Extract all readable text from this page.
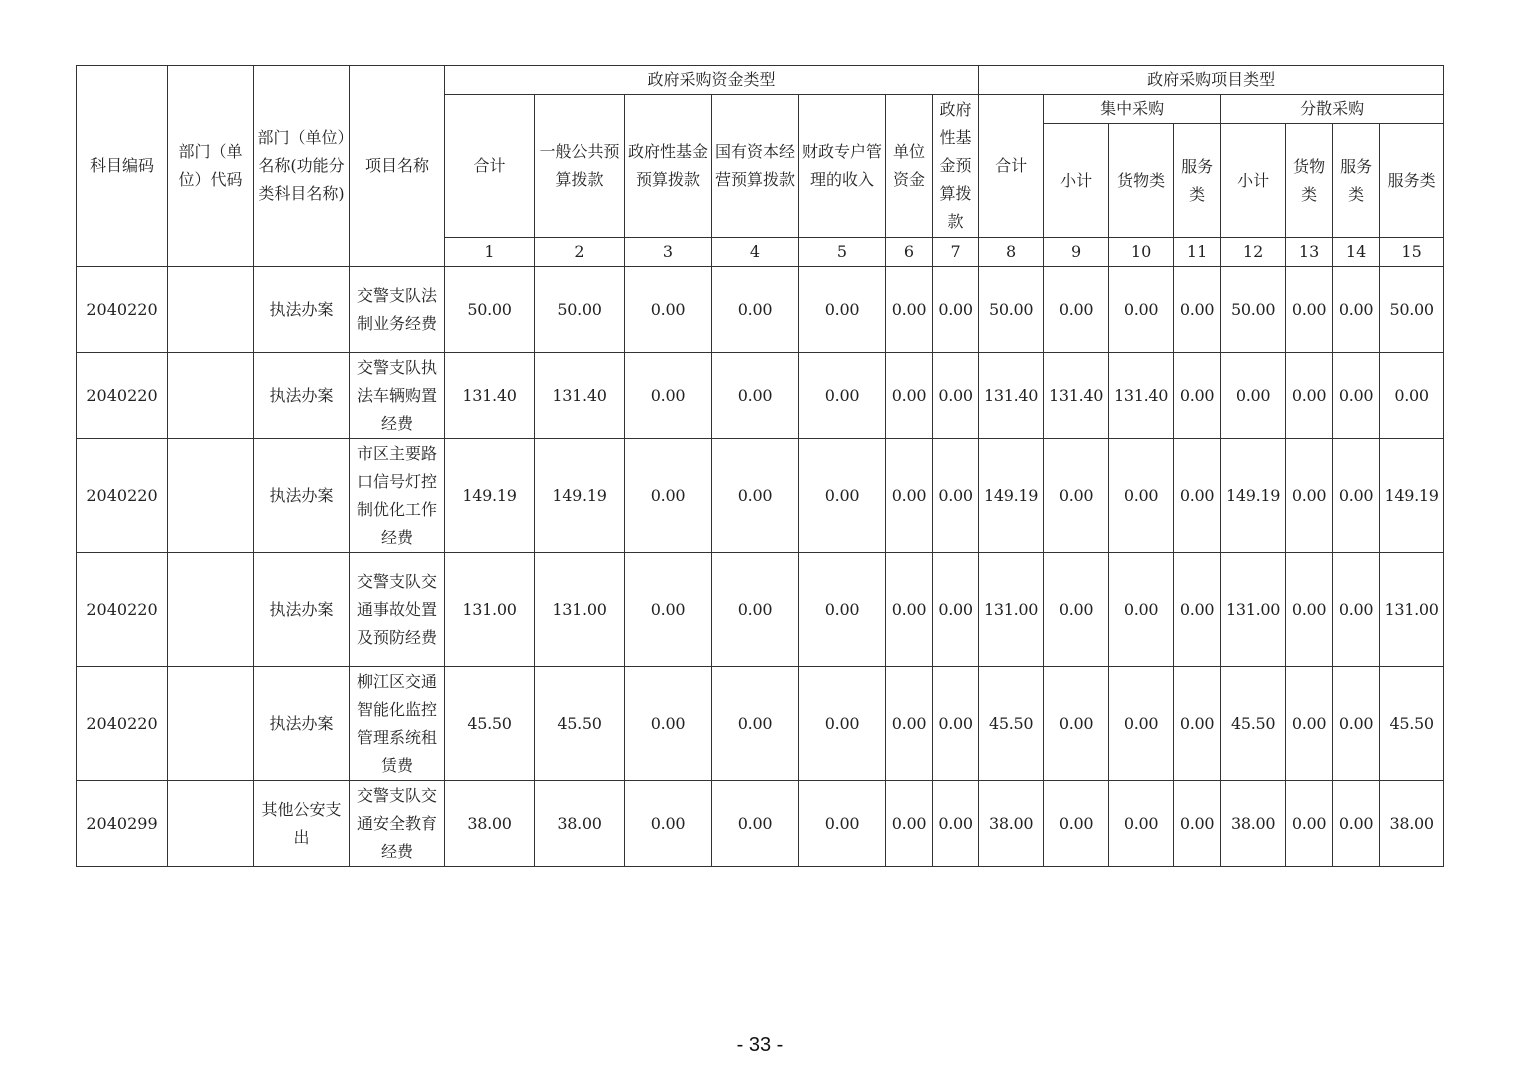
科目编码	部门（单位）代码	部门（单位）名称(功能分类科目名称)	项目名称	政府采购资金类型							政府采购项目类型							
				合计	一般公共预算拨款	政府性基金预算拨款	国有资本经营预算拨款	财政专户管理的收入	单位资金	政府性基金预算拨款	合计	集中采购			分散采购			
												小计	货物类	服务类	小计	货物类	服务类	服务类
				1	2	3	4	5	6	7	8	9	10	11	12	13	14	15
2040220		执法办案	交警支队法制业务经费	50.00	50.00	0.00	0.00	0.00	0.00	0.00	50.00	0.00	0.00	0.00	50.00	0.00	0.00	50.00
2040220		执法办案	交警支队执法车辆购置经费	131.40	131.40	0.00	0.00	0.00	0.00	0.00	131.40	131.40	131.40	0.00	0.00	0.00	0.00	0.00
2040220		执法办案	市区主要路口信号灯控制优化工作经费	149.19	149.19	0.00	0.00	0.00	0.00	0.00	149.19	0.00	0.00	0.00	149.19	0.00	0.00	149.19
2040220		执法办案	交警支队交通事故处置及预防经费	131.00	131.00	0.00	0.00	0.00	0.00	0.00	131.00	0.00	0.00	0.00	131.00	0.00	0.00	131.00
2040220		执法办案	柳江区交通智能化监控管理系统租赁费	45.50	45.50	0.00	0.00	0.00	0.00	0.00	45.50	0.00	0.00	0.00	45.50	0.00	0.00	45.50
2040299		其他公安支出	交警支队交通安全教育经费	38.00	38.00	0.00	0.00	0.00	0.00	0.00	38.00	0.00	0.00	0.00	38.00	0.00	0.00	38.00
- 33 -
